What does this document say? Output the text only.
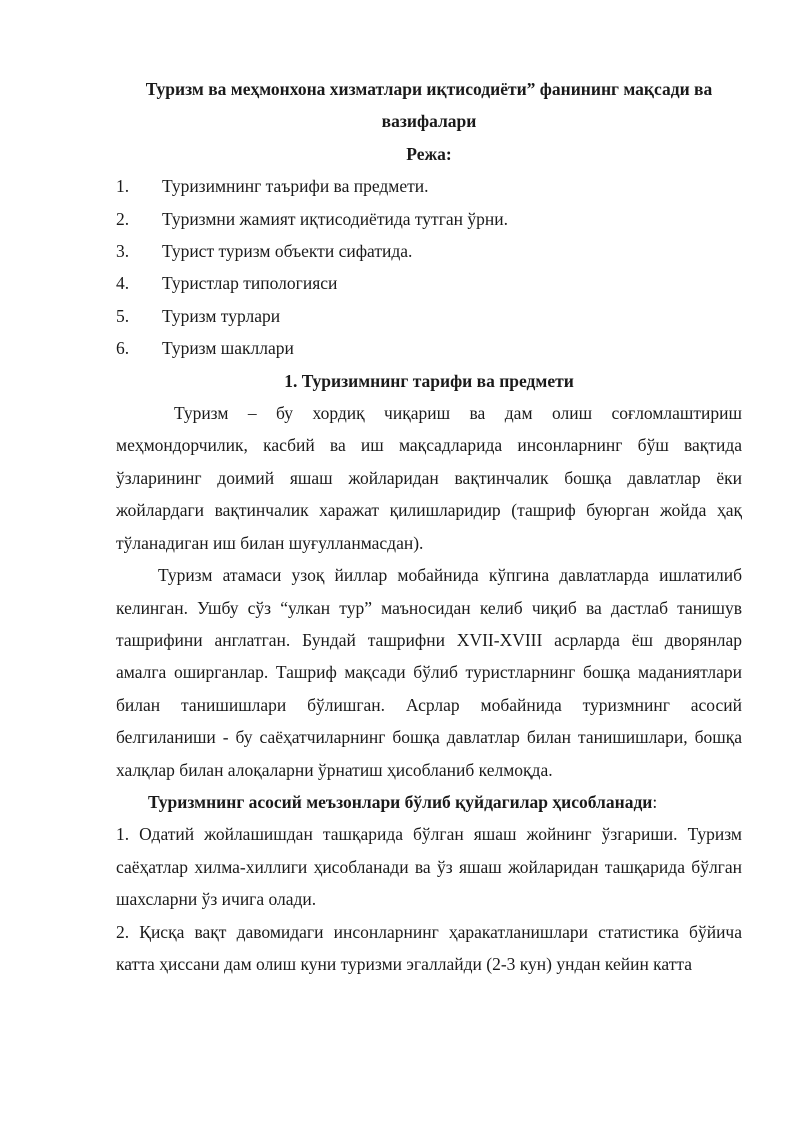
Туризм ва меҳмонхона хизматлари иқтисодиёти” фанининг мақсади ва вазифалари

Режа:

1.	Туризимнинг таърифи ва предмети.
2.	Туризмни жамият иқтисодиётида тутган ўрни.
3.	Турист туризм объекти сифатида.
4.	Туристлар типологияси
5.	Туризм турлари
6.	Туризм шакллари

1. Туризимнинг тарифи ва предмети

Туризм – бу хордиқ чиқариш ва дам олиш соғломлаштириш меҳмондорчилик, касбий ва иш мақсадларида инсонларнинг бўш вақтида ўзларининг доимий яшаш жойларидан вақтинчалик бошқа давлатлар ёки жойлардаги вақтинчалик харажат қилишларидир (ташриф буюрган жойда ҳақ тўланадиган иш билан шуғулланмасдан).

Туризм атамаси узоқ йиллар мобайнида кўпгина давлатларда ишлатилиб келинган. Ушбу сўз “улкан тур” маъносидан келиб чиқиб ва дастлаб танишув ташрифини англатган. Бундай ташрифни XVII-XVIII асрларда ёш дворянлар амалга оширганлар. Ташриф мақсади бўлиб туристларнинг бошқа маданиятлари билан танишишлари бўлишган. Асрлар мобайнида туризмнинг асосий белгиланиши - бу саёҳатчиларнинг бошқа давлатлар билан танишишлари, бошқа халқлар билан алоқаларни ўрнатиш ҳисобланиб келмоқда.

Туризмнинг асосий меъзонлари бўлиб қуйдагилар ҳисобланади:

1. Одатий жойлашишдан ташқарида бўлган яшаш жойнинг ўзгариши. Туризм саёҳатлар хилма-хиллиги ҳисобланади ва ўз яшаш жойларидан ташқарида бўлган шахсларни ўз ичига олади.

2. Қисқа вақт давомидаги инсонларнинг ҳаракатланишлари статистика бўйича катта ҳиссани дам олиш куни туризми эгаллайди (2-3 кун) ундан кейин катта
